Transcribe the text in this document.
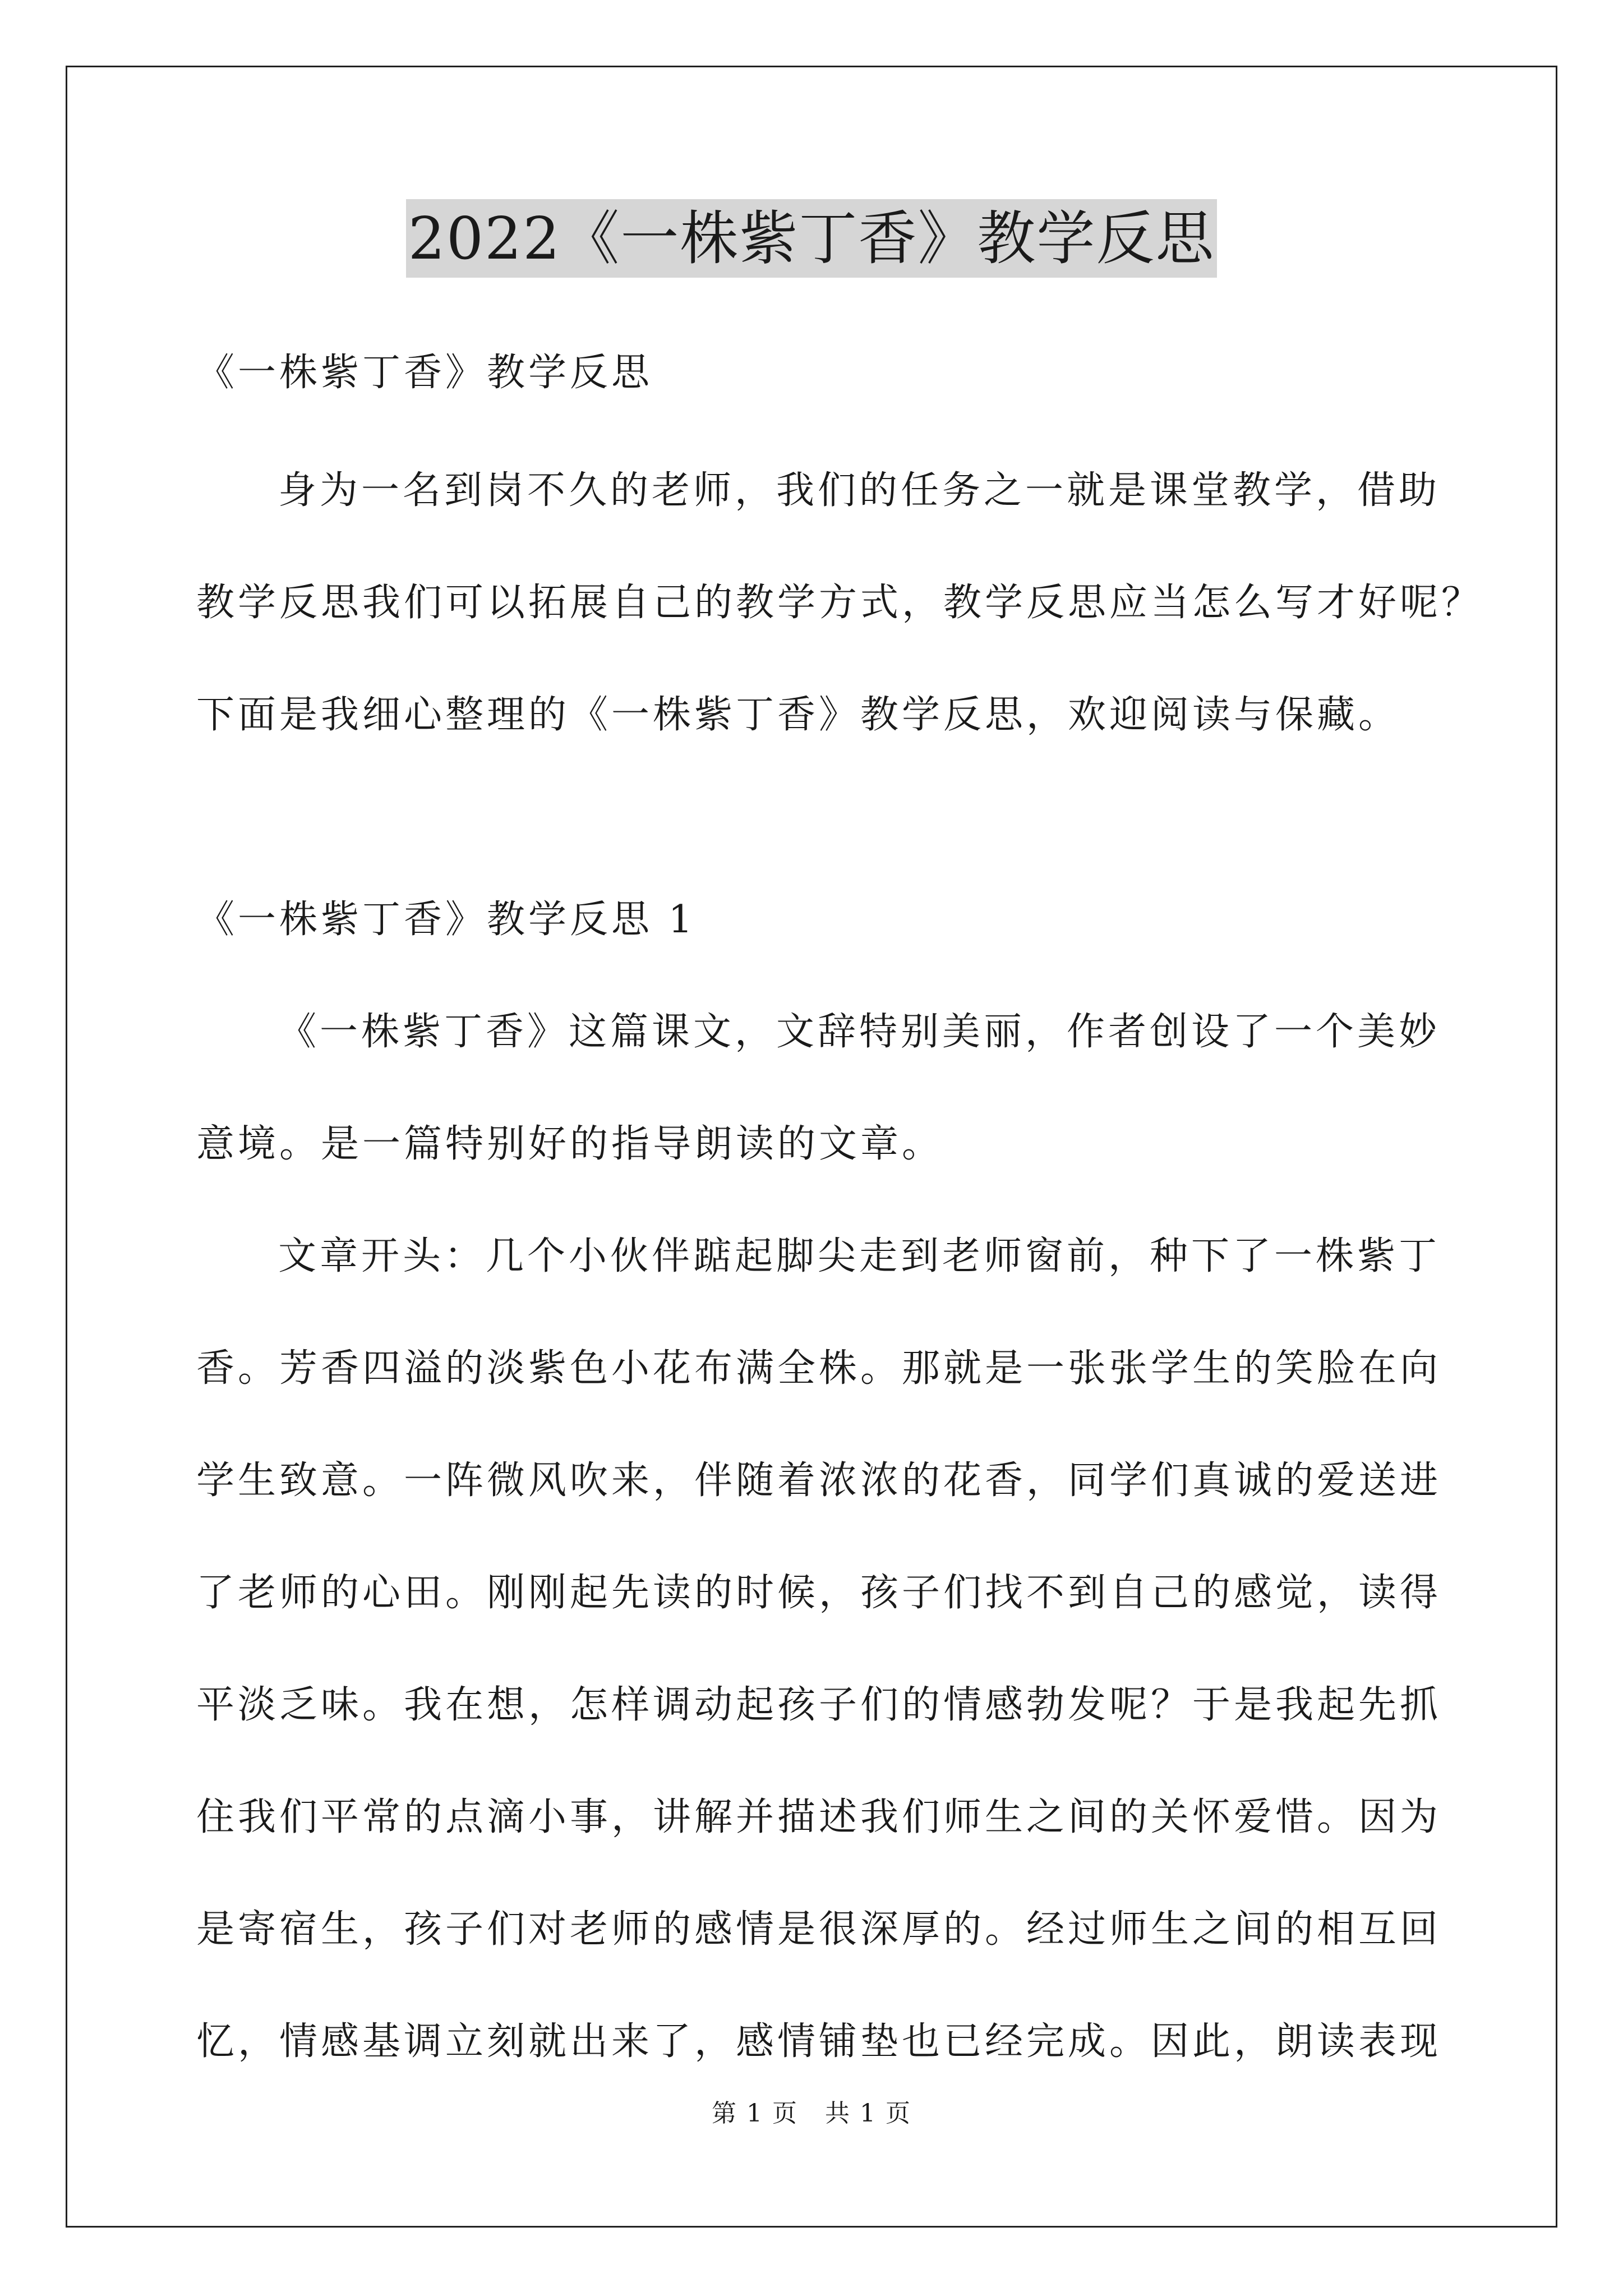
2022《一株紫丁香》教学反思
《一株紫丁香》教学反思
身为一名到岗不久的老师，我们的任务之一就是课堂教学，借助
教学反思我们可以拓展自己的教学方式，教学反思应当怎么写才好呢？
下面是我细心整理的《一株紫丁香》教学反思，欢迎阅读与保藏。
《一株紫丁香》教学反思 1
《一株紫丁香》这篇课文，文辞特别美丽，作者创设了一个美妙
意境。是一篇特别好的指导朗读的文章。
文章开头：几个小伙伴踮起脚尖走到老师窗前，种下了一株紫丁
香。芳香四溢的淡紫色小花布满全株。那就是一张张学生的笑脸在向
学生致意。一阵微风吹来，伴随着浓浓的花香，同学们真诚的爱送进
了老师的心田。刚刚起先读的时候，孩子们找不到自己的感觉，读得
平淡乏味。我在想，怎样调动起孩子们的情感勃发呢？于是我起先抓
住我们平常的点滴小事，讲解并描述我们师生之间的关怀爱惜。因为
是寄宿生，孩子们对老师的感情是很深厚的。经过师生之间的相互回
忆，情感基调立刻就出来了，感情铺垫也已经完成。因此，朗读表现
第 1 页 共 1 页
